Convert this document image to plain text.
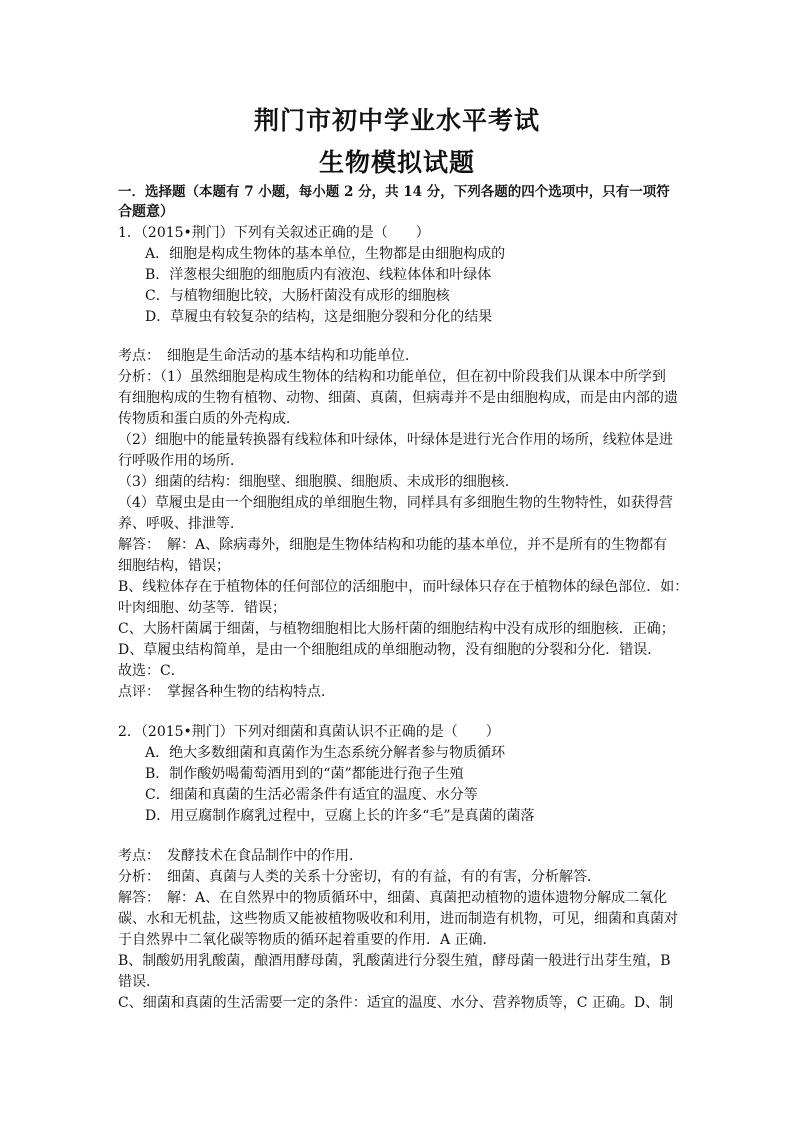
荆门市初中学业水平考试
生物模拟试题
一．选择题（本题有 7 小题，每小题 2 分，共 14 分，下列各题的四个选项中，只有一项符
合题意）
1．（2015•荆门）下列有关叙述正确的是（　　）
A．细胞是构成生物体的基本单位，生物都是由细胞构成的
B．洋葱根尖细胞的细胞质内有液泡、线粒体体和叶绿体
C．与植物细胞比较，大肠杆菌没有成形的细胞核
D．草履虫有较复杂的结构，这是细胞分裂和分化的结果
考点：　细胞是生命活动的基本结构和功能单位．
分析：（1）虽然细胞是构成生物体的结构和功能单位，但在初中阶段我们从课本中所学到
有细胞构成的生物有植物、动物、细菌、真菌，但病毒并不是由细胞构成，而是由内部的遗
传物质和蛋白质的外壳构成．
（2）细胞中的能量转换器有线粒体和叶绿体，叶绿体是进行光合作用的场所，线粒体是进
行呼吸作用的场所．
（3）细菌的结构：细胞壁、细胞膜、细胞质、未成形的细胞核．
（4）草履虫是由一个细胞组成的单细胞生物，同样具有多细胞生物的生物特性，如获得营
养、呼吸、排泄等．
解答：　解：A、除病毒外，细胞是生物体结构和功能的基本单位，并不是所有的生物都有
细胞结构，错误；
B、线粒体存在于植物体的任何部位的活细胞中，而叶绿体只存在于植物体的绿色部位．如：
叶肉细胞、幼茎等．错误；
C、大肠杆菌属于细菌，与植物细胞相比大肠杆菌的细胞结构中没有成形的细胞核．正确；
D、草履虫结构简单，是由一个细胞组成的单细胞动物，没有细胞的分裂和分化．错误．
故选：C．
点评：　掌握各种生物的结构特点．
2．（2015•荆门）下列对细菌和真菌认识不正确的是（　　）
A．绝大多数细菌和真菌作为生态系统分解者参与物质循环
B．制作酸奶喝葡萄酒用到的“菌”都能进行孢子生殖
C．细菌和真菌的生活必需条件有适宜的温度、水分等
D．用豆腐制作腐乳过程中，豆腐上长的许多“毛”是真菌的菌落
考点：　发酵技术在食品制作中的作用．
分析：　细菌、真菌与人类的关系十分密切，有的有益，有的有害，分析解答．
解答：　解：A、在自然界中的物质循环中，细菌、真菌把动植物的遗体遗物分解成二氧化
碳、水和无机盐，这些物质又能被植物吸收和利用，进而制造有机物，可见，细菌和真菌对
于自然界中二氧化碳等物质的循环起着重要的作用．A 正确．
B、制酸奶用乳酸菌，酿酒用酵母菌，乳酸菌进行分裂生殖，酵母菌一般进行出芽生殖，B
错误．
C、细菌和真菌的生活需要一定的条件：适宜的温度、水分、营养物质等，C 正确。D、制
